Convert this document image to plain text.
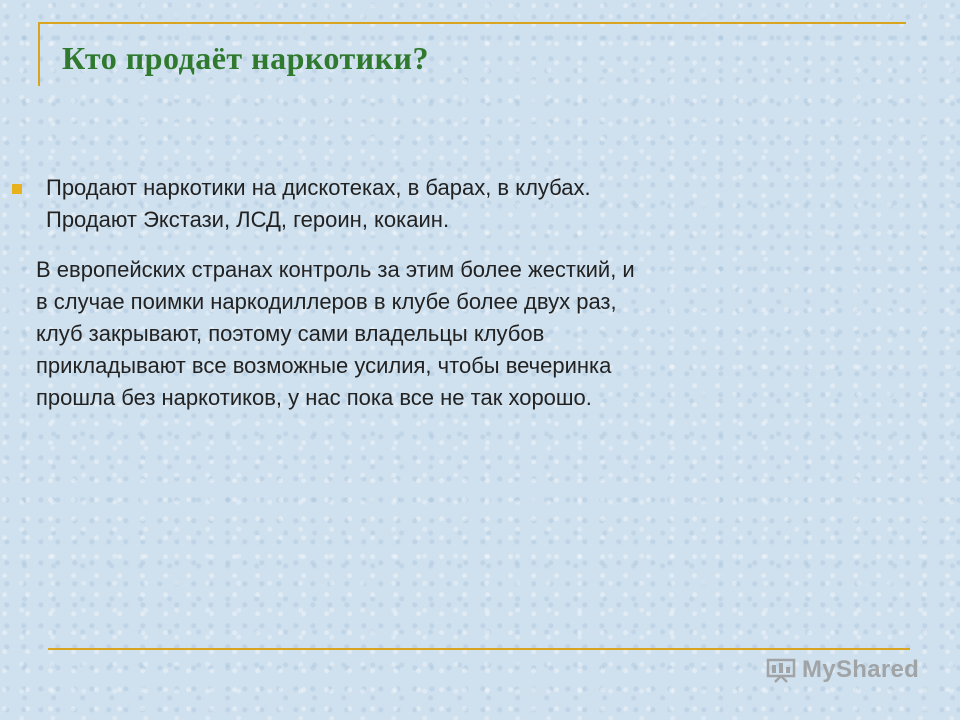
Кто продаёт наркотики?
Продают наркотики на дискотеках, в барах, в клубах.
Продают Экстази, ЛСД, героин, кокаин.
В европейских странах контроль за этим более жесткий, и
в случае поимки наркодиллеров в клубе более двух раз,
клуб закрывают, поэтому сами владельцы клубов
прикладывают все возможные усилия, чтобы вечеринка
прошла без наркотиков, у нас пока все не так хорошо.
MyShared
